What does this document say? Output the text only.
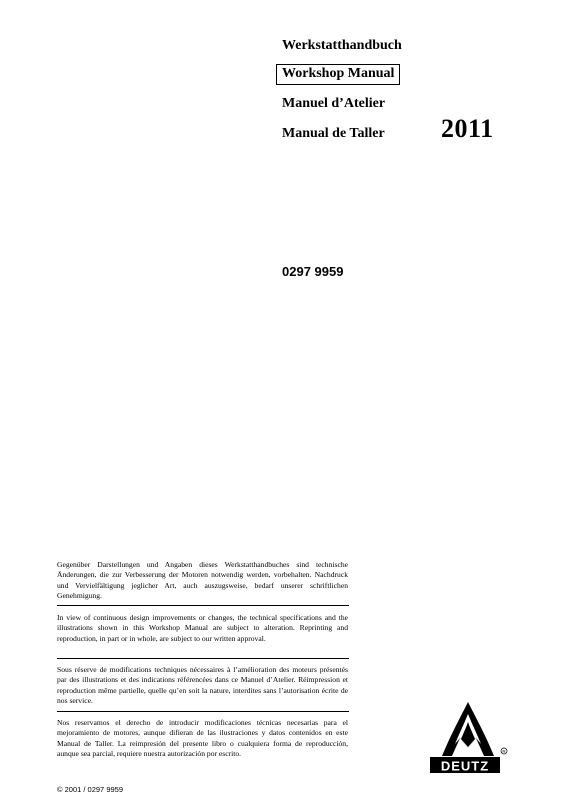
Werkstatthandbuch
Workshop Manual
Manuel d’Atelier
Manual de Taller 2011
0297 9959

Gegenüber Darstellungen und Angaben dieses Werkstatthandbuches sind technische Änderungen, die zur Verbesserung der Motoren notwendig werden, vorbehalten. Nachdruck und Vervielfältigung jeglicher Art, auch auszugsweise, bedarf unserer schriftlichen Genehmigung.

In view of continuous design improvements or changes, the technical specifications and the illustrations shown in this Workshop Manual are subject to alteration. Reprinting and reproduction, in part or in whole, are subject to our written approval.

Sous réserve de modifications techniques nécessaires à l’amélioration des moteurs présentés par des illustrations et des indications référencées dans ce Manuel d’Atelier. Réimpression et reproduction même partielle, quelle qu’en soit la nature, interdites sans l’autorisation écrite de nos service.

Nos reservamos el derecho de introducir modificaciones técnicas necesarias para el mejoramiento de motores, aunque difieran de las ilustraciones y datos contenidos en este Manual de Taller. La reimpresión del presente libro o cualquiera forma de reproducción, aunque sea parcial, requiere nuestra autorización por escrito.

© 2001 / 0297 9959
DEUTZ
R
